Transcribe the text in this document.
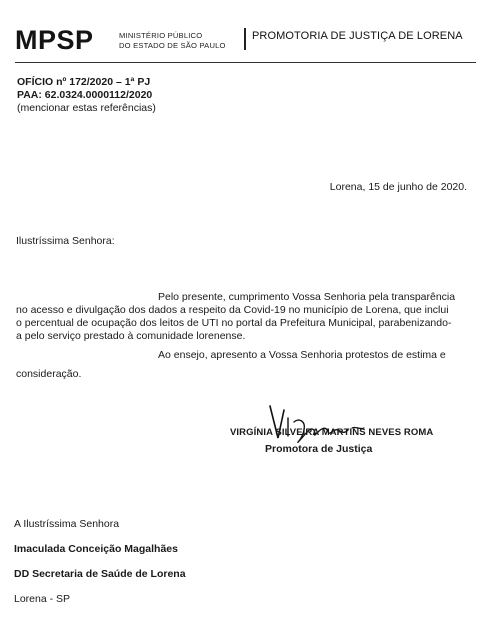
MPSP	MINISTÉRIO PÚBLICO
DO ESTADO DE SÃO PAULO
PROMOTORIA DE JUSTIÇA DE LORENA
OFÍCIO nº 172/2020 – 1ª PJ
PAA: 62.0324.0000112/2020
(mencionar estas referências)
Lorena, 15 de junho de 2020.
Ilustríssima Senhora:
Pelo presente, cumprimento Vossa Senhoria pela transparência
no acesso e divulgação dos dados a respeito da Covid-19 no município de Lorena, que inclui
o percentual de ocupação dos leitos de UTI no portal da Prefeitura Municipal, parabenizando-
a pelo serviço prestado à comunidade lorenense.
Ao ensejo, apresento a Vossa Senhoria protestos de estima e
consideração.
VIRGÍNIA SILVEIRA MARTINS NEVES ROMA
Promotora de Justiça
A Ilustríssima Senhora
Imaculada Conceição Magalhães
DD Secretaria de Saúde de Lorena
Lorena - SP
